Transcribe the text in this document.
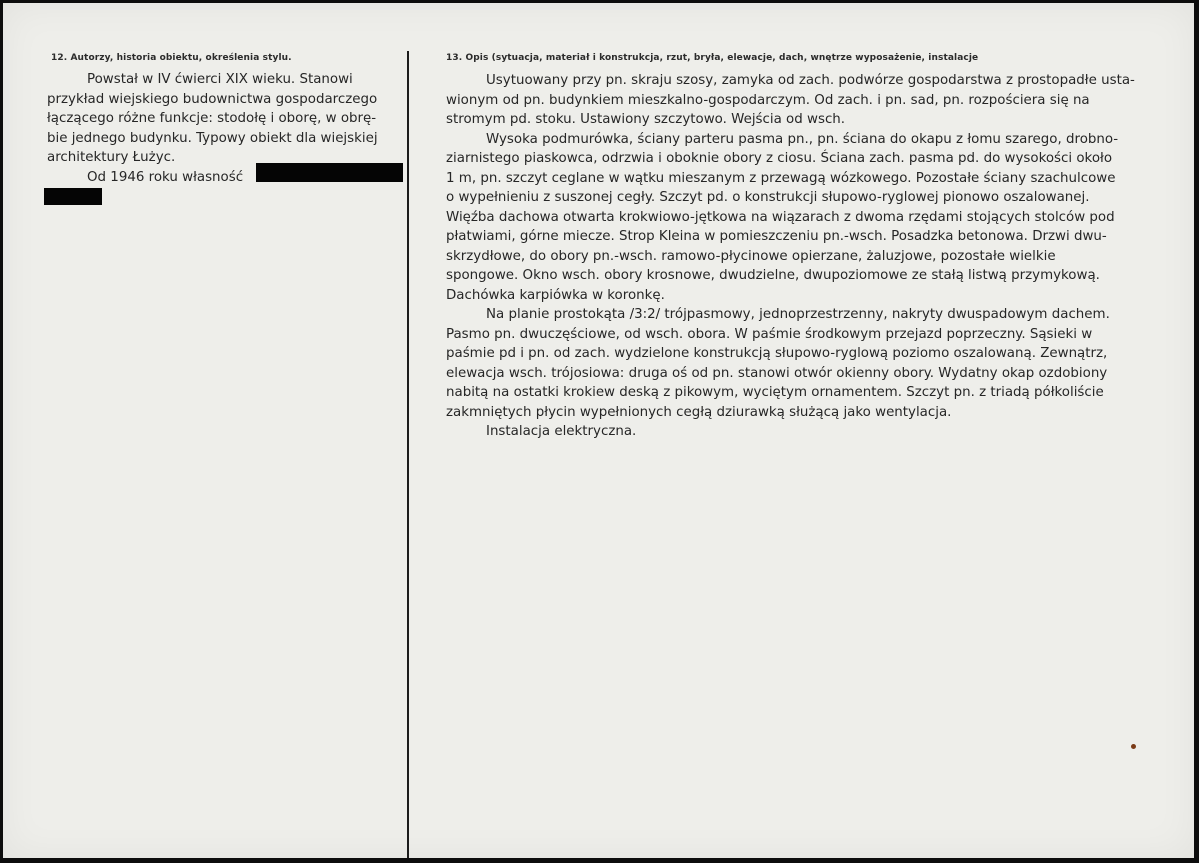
12. Autorzy, historia obiektu, określenia stylu.	13. Opis (sytuacja, materiał i konstrukcja, rzut, bryła, elewacje, dach, wnętrze wyposażenie, instalacje
Powstał w IV ćwierci XIX wieku. Stanowi
przykład wiejskiego budownictwa gospodarczego
łączącego różne funkcje: stodołę i oborę, w obrę-
bie jednego budynku. Typowy obiekt dla wiejskiej
architektury Łużyc.
Od 1946 roku własność
Usytuowany przy pn. skraju szosy, zamyka od zach. podwórze gospodarstwa z prostopadłe usta-
wionym od pn. budynkiem mieszkalno-gospodarczym. Od zach. i pn. sad, pn. rozpościera się na
stromym pd. stoku. Ustawiony szczytowo. Wejścia od wsch.
Wysoka podmurówka, ściany parteru pasma pn., pn. ściana do okapu z łomu szarego, drobno-
ziarnistego piaskowca, odrzwia i obokniе obory z ciosu. Ściana zach. pasma pd. do wysokości około
1 m, pn. szczyt ceglane w wątku mieszanym z przewagą wózkowego. Pozostałe ściany szachulcowe
o wypełnieniu z suszonej cegły. Szczyt pd. o konstrukcji słupowo-ryglowej pionowo oszalowanej.
Więźba dachowa otwarta krokwiowo-jętkowa na wiązarach z dwoma rzędami stojących stolców pod
płatwiami, górne miecze. Strop Kleina w pomieszczeniu pn.-wsch. Posadzka betonowa. Drzwi dwu-
skrzydłowe, do obory pn.-wsch. ramowo-płycinowe opierzane, żaluzjowe, pozostałe wielkie
spongowe. Okno wsch. obory krosnowe, dwudzielne, dwupoziomowe ze stałą listwą przymykową.
Dachówka karpiówka w koronkę.
Na planie prostokąta /3:2/ trójpasmowy, jednoprzestrzenny, nakryty dwuspadowym dachem.
Pasmo pn. dwuczęściowe, od wsch. obora. W paśmie środkowym przejazd poprzeczny. Sąsieki w
paśmie pd i pn. od zach. wydzielone konstrukcją słupowo-ryglową poziomo oszalowaną. Zewnątrz,
elewacja wsch. trójosiowa: druga oś od pn. stanowi otwór okienny obory. Wydatny okap ozdobiony
nabitą na ostatki krokiew deską z pikowym, wyciętym ornamentem. Szczyt pn. z triadą półkoliście
zakmniętych płycin wypełnionych cegłą dziurawką służącą jako wentylacja.
Instalacja elektryczna.
